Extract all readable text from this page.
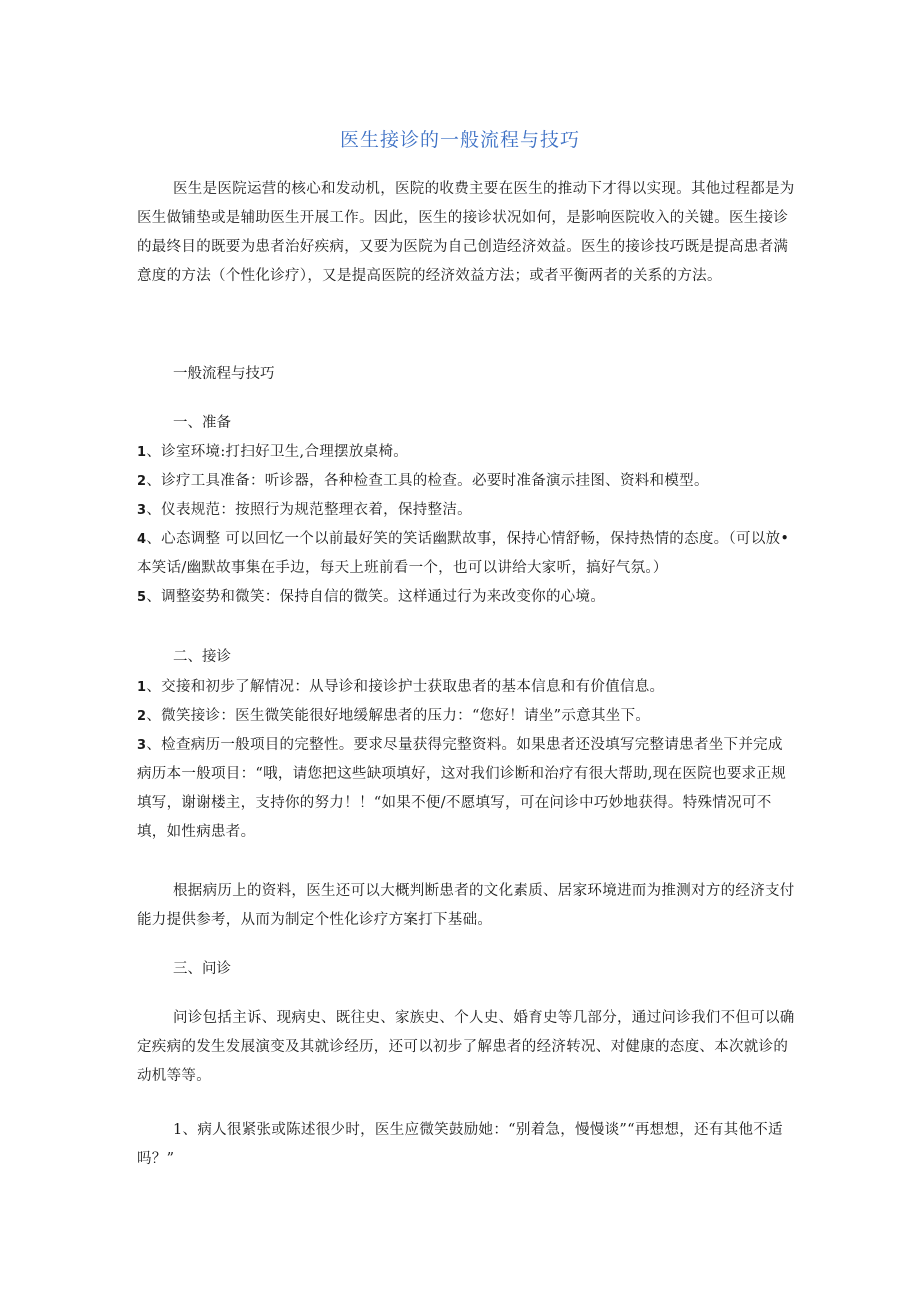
医生接诊的一般流程与技巧

医生是医院运营的核心和发动机，医院的收费主要在医生的推动下才得以实现。其他过程都是为医生做铺垫或是辅助医生开展工作。因此，医生的接诊状况如何，是影响医院收入的关键。医生接诊的最终目的既要为患者治好疾病，又要为医院为自己创造经济效益。医生的接诊技巧既是提高患者满意度的方法（个性化诊疗），又是提高医院的经济效益方法；或者平衡两者的关系的方法。

一般流程与技巧
一、准备

1、诊室环境:打扫好卫生,合理摆放桌椅。

2、诊疗工具准备：听诊器，各种检查工具的检查。必要时准备演示挂图、资料和模型。

3、仪表规范：按照行为规范整理衣着，保持整洁。

4、心态调整 可以回忆一个以前最好笑的笑话幽默故事，保持心情舒畅，保持热情的态度。（可以放•本笑话/幽默故事集在手边，每天上班前看一个，也可以讲给大家听，搞好气氛。）

5、调整姿势和微笑：保持自信的微笑。这样通过行为来改变你的心境。

二、接诊

1、交接和初步了解情况：从导诊和接诊护士获取患者的基本信息和有价值信息。

2、微笑接诊：医生微笑能很好地缓解患者的压力：“您好！请坐”示意其坐下。

3、检查病历一般项目的完整性。要求尽量获得完整资料。如果患者还没填写完整请患者坐下并完成病历本一般项目：“哦，请您把这些缺项填好，这对我们诊断和治疗有很大帮助,现在医院也要求正规填写，谢谢楼主，支持你的努力！！“如果不便/不愿填写，可在问诊中巧妙地获得。特殊情况可不填，如性病患者。

根据病历上的资料，医生还可以大概判断患者的文化素质、居家环境进而为推测对方的经济支付能力提供参考，从而为制定个性化诊疗方案打下基础。

三、问诊

问诊包括主诉、现病史、既往史、家族史、个人史、婚育史等几部分，通过问诊我们不但可以确定疾病的发生发展演变及其就诊经历，还可以初步了解患者的经济转况、对健康的态度、本次就诊的动机等等。

1、病人很紧张或陈述很少时，医生应微笑鼓励她：“别着急，慢慢谈”“再想想，还有其他不适吗？”
